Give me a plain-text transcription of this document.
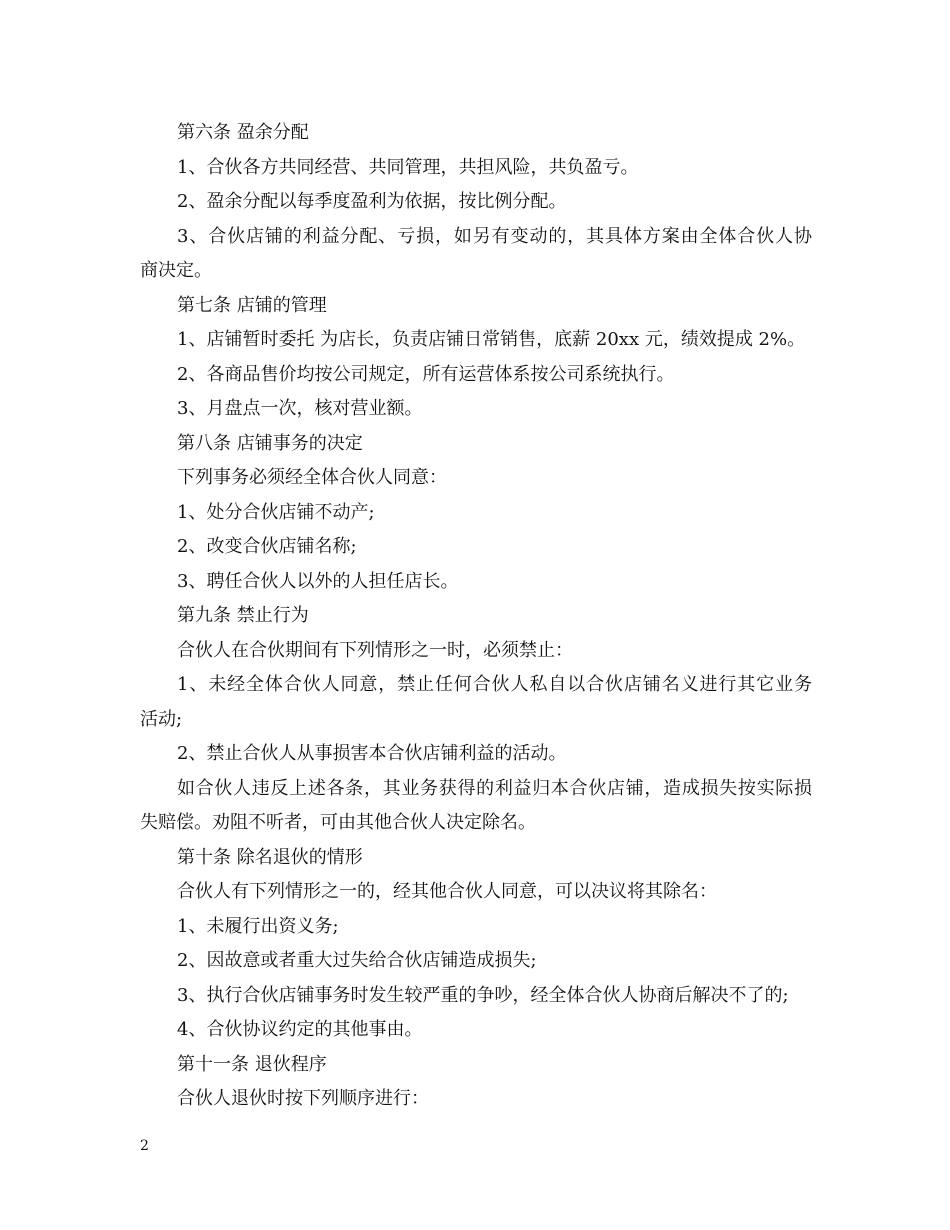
第六条 盈余分配
1、合伙各方共同经营、共同管理，共担风险，共负盈亏。
2、盈余分配以每季度盈利为依据，按比例分配。
3、合伙店铺的利益分配、亏损，如另有变动的，其具体方案由全体合伙人协
商决定。
第七条 店铺的管理
1、店铺暂时委托 为店长，负责店铺日常销售，底薪 20xx 元，绩效提成 2%。
2、各商品售价均按公司规定，所有运营体系按公司系统执行。
3、月盘点一次，核对营业额。
第八条 店铺事务的决定
下列事务必须经全体合伙人同意：
1、处分合伙店铺不动产;
2、改变合伙店铺名称;
3、聘任合伙人以外的人担任店长。
第九条 禁止行为
合伙人在合伙期间有下列情形之一时，必须禁止：
1、未经全体合伙人同意，禁止任何合伙人私自以合伙店铺名义进行其它业务
活动;
2、禁止合伙人从事损害本合伙店铺利益的活动。
如合伙人违反上述各条，其业务获得的利益归本合伙店铺，造成损失按实际损
失赔偿。劝阻不听者，可由其他合伙人决定除名。
第十条 除名退伙的情形
合伙人有下列情形之一的，经其他合伙人同意，可以决议将其除名：
1、未履行出资义务;
2、因故意或者重大过失给合伙店铺造成损失;
3、执行合伙店铺事务时发生较严重的争吵，经全体合伙人协商后解决不了的;
4、合伙协议约定的其他事由。
第十一条 退伙程序
合伙人退伙时按下列顺序进行：
2
